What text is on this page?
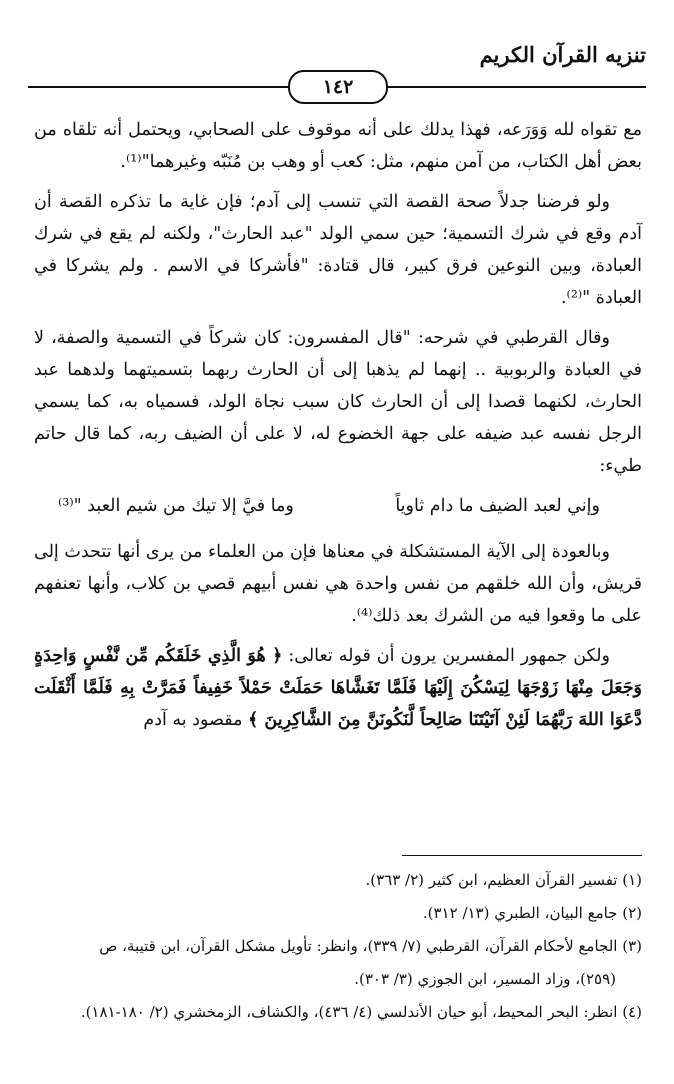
تنزيه القرآن الكريم
١٤٢

مع تقواه لله وَوَرَعه، فهذا يدلك على أنه موقوف على الصحابي، ويحتمل أنه تلقاه من بعض أهل الكتاب، من آمن منهم، مثل: كعب أو وهب بن مُنَبّه وغيرهما"⁽¹⁾.

ولو فرضنا جدلاً صحة القصة التي تنسب إلى آدم؛ فإن غاية ما تذكره القصة أن آدم وقع في شرك التسمية؛ حين سمي الولد "عبد الحارث"، ولكنه لم يقع في شرك العبادة، وبين النوعين فرق كبير، قال قتادة: "فأشركا في الاسم . ولم يشركا في العبادة "⁽²⁾.

وقال القرطبي في شرحه: "قال المفسرون: كان شركاً في التسمية والصفة، لا في العبادة والربوبية .. إنهما لم يذهبا إلى أن الحارث ربهما بتسميتهما ولدهما عبد الحارث، لكنهما قصدا إلى أن الحارث كان سبب نجاة الولد، فسمياه به، كما يسمي الرجل نفسه عبد ضيفه على جهة الخضوع له، لا على أن الضيف ربه، كما قال حاتم طيء:

وإني لعبد الضيف ما دام ثاوياً
وما فيَّ إلا تيك من شيم العبد "⁽³⁾

وبالعودة إلى الآية المستشكلة في معناها فإن من العلماء من يرى أنها تتحدث إلى قريش، وأن الله خلقهم من نفس واحدة هي نفس أبيهم قصي بن كلاب، وأنها تعنفهم على ما وقعوا فيه من الشرك بعد ذلك⁽⁴⁾.

ولكن جمهور المفسرين يرون أن قوله تعالى: ﴿ هُوَ الَّذِي خَلَقَكُم مِّن نَّفْسٍ وَاحِدَةٍ وَجَعَلَ مِنْهَا زَوْجَهَا لِيَسْكُنَ إِلَيْهَا فَلَمَّا تَغَشَّاهَا حَمَلَتْ حَمْلاً خَفِيفاً فَمَرَّتْ بِهِ فَلَمَّا أَثْقَلَت دَّعَوَا اللهَ رَبَّهُمَا لَئِنْ آتَيْتَنَا صَالِحاً لَّنَكُونَنَّ مِنَ الشَّاكِرِينَ ﴾ مقصود به آدم

(١) تفسير القرآن العظيم، ابن كثير (٢/ ٣٦٣).
(٢) جامع البيان، الطبري (١٣/ ٣١٢).
(٣) الجامع لأحكام القرآن، القرطبي (٧/ ٣٣٩)، وانظر: تأويل مشكل القرآن، ابن قتيبة، ص
(٢٥٩)، وزاد المسير، ابن الجوزي (٣/ ٣٠٣).
(٤) انظر: البحر المحيط، أبو حيان الأندلسي (٤/ ٤٣٦)، والكشاف، الزمخشري (٢/ ١٨٠-١٨١).
